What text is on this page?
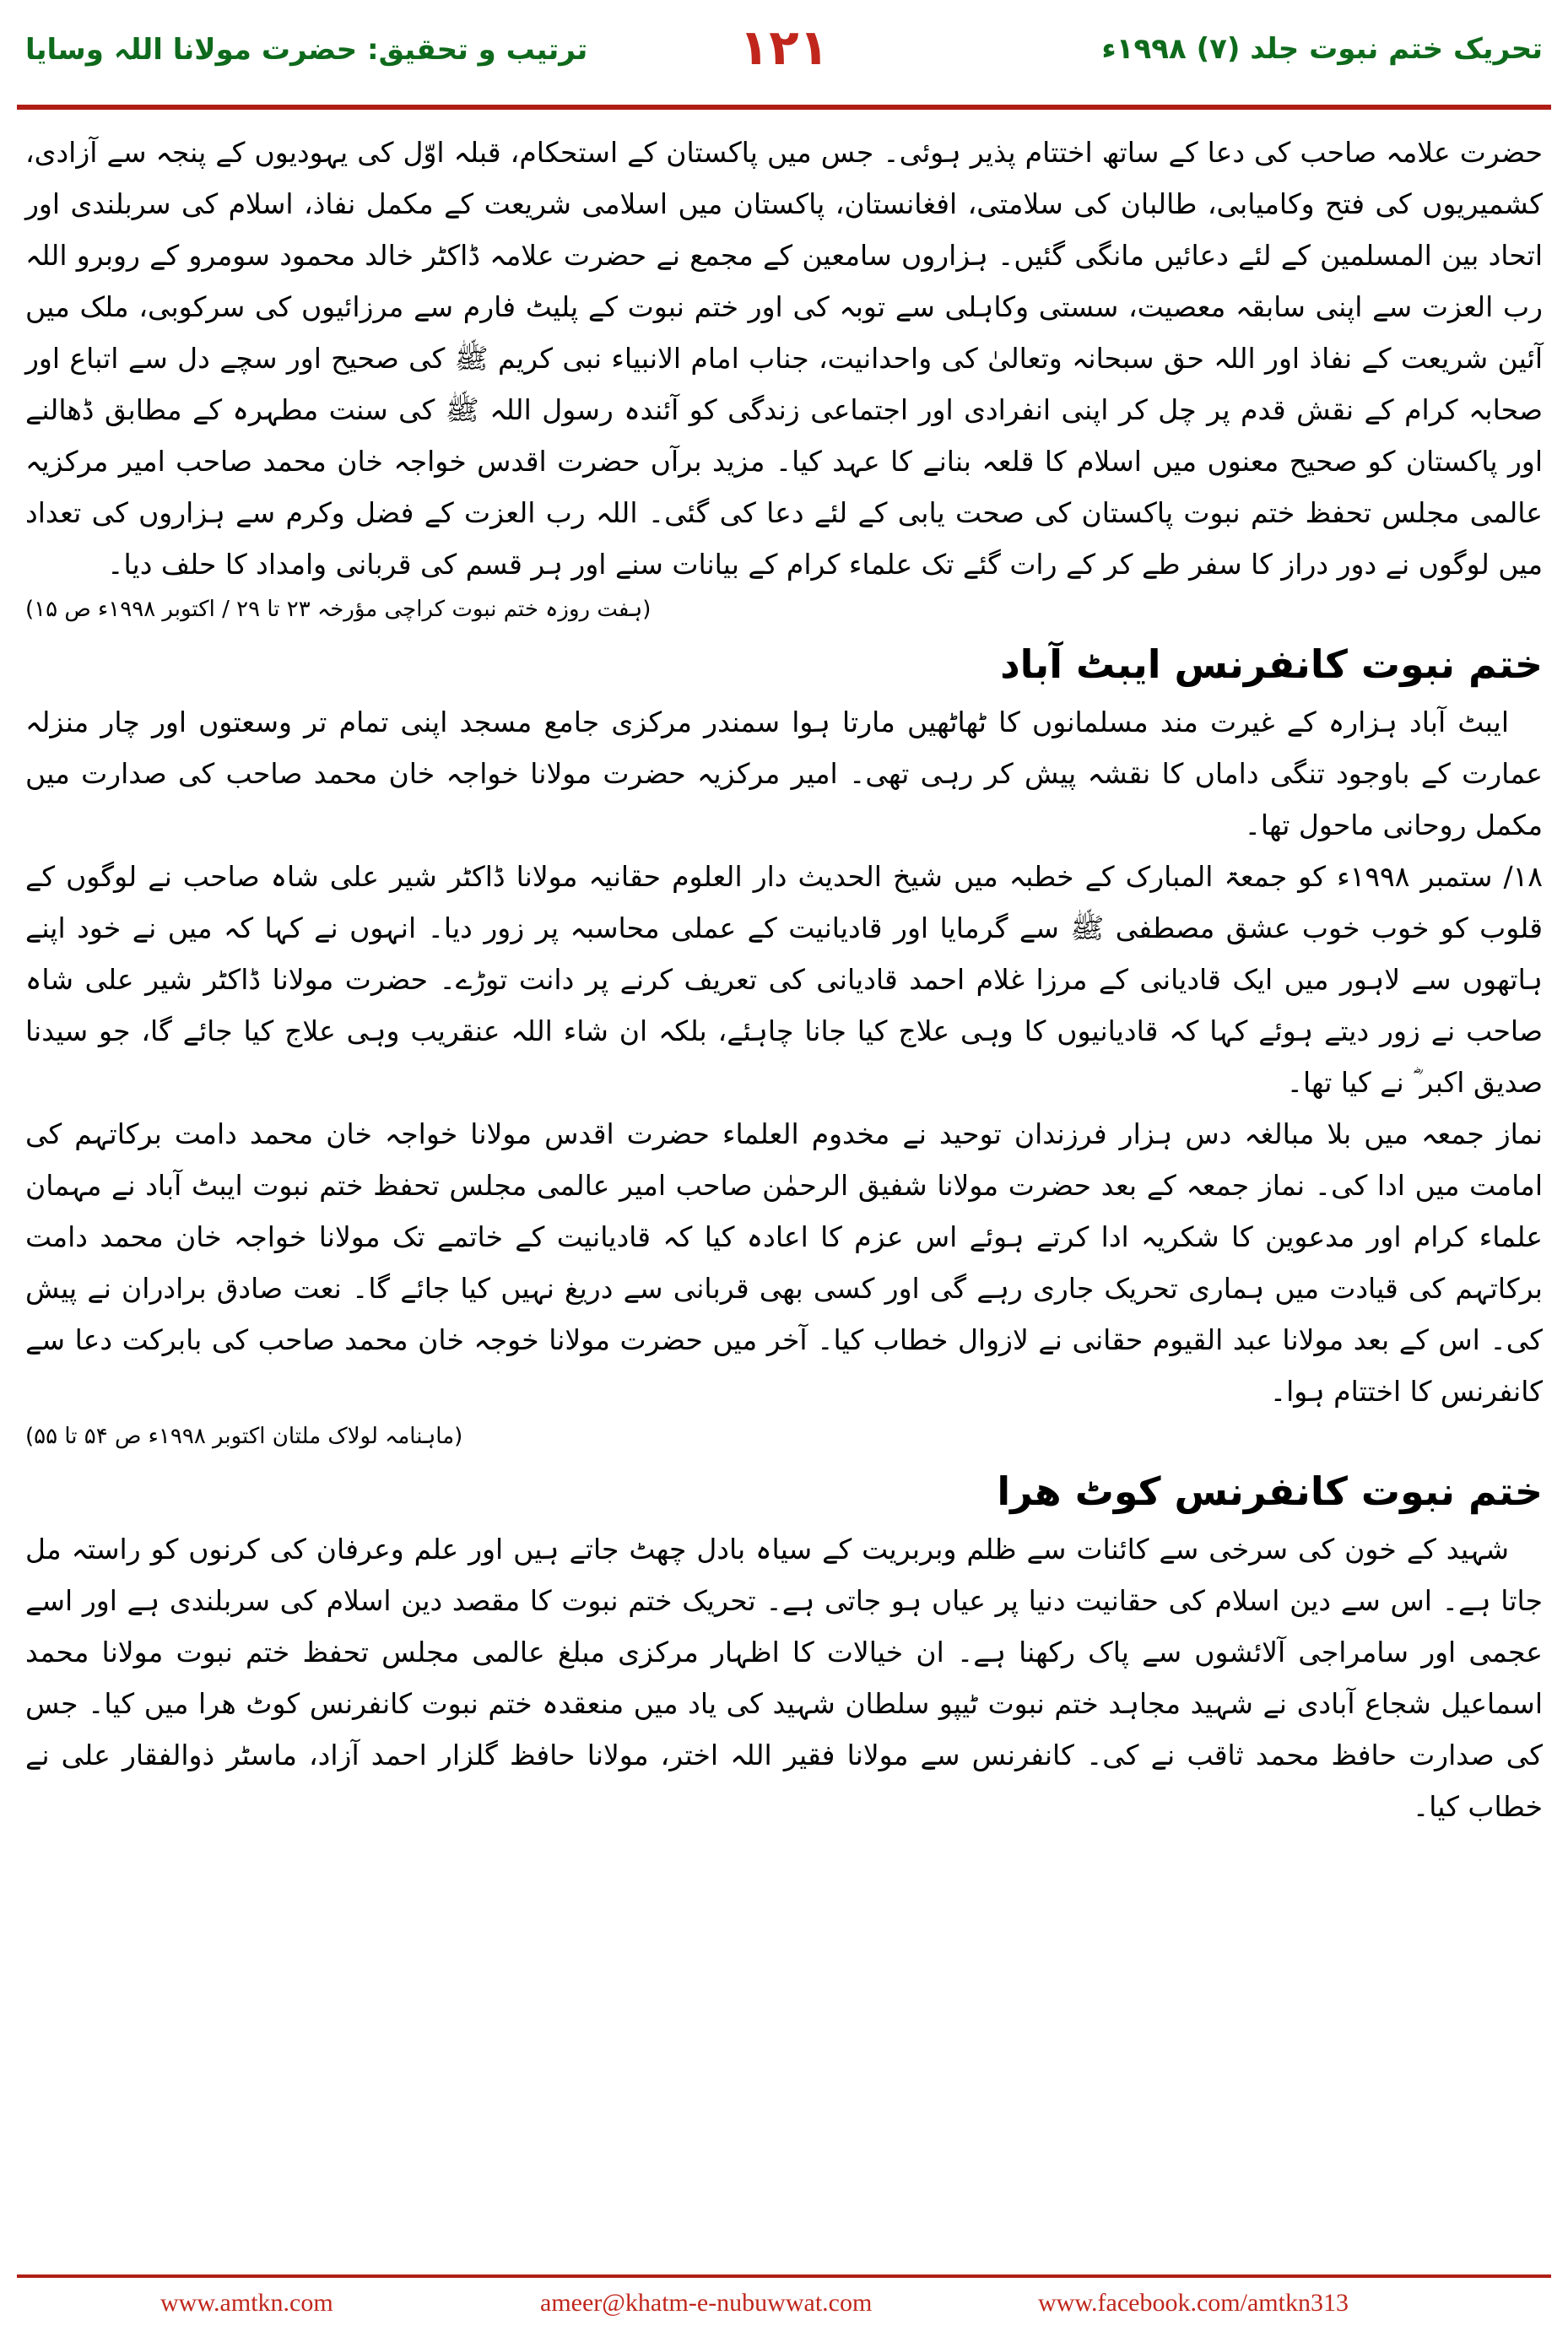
تحریک ختم نبوت جلد (۷) ۱۹۹۸ء
۱۲۱
ترتیب و تحقیق: حضرت مولانا اللہ وسایا

حضرت علامہ صاحب کی دعا کے ساتھ اختتام پذیر ہوئی۔ جس میں پاکستان کے استحکام، قبلہ اوّل کی یہودیوں کے پنجہ سے آزادی، کشمیریوں کی فتح وکامیابی، طالبان کی سلامتی، افغانستان، پاکستان میں اسلامی شریعت کے مکمل نفاذ، اسلام کی سربلندی اور اتحاد بین المسلمین کے لئے دعائیں مانگی گئیں۔ ہزاروں سامعین کے مجمع نے حضرت علامہ ڈاکٹر خالد محمود سومرو کے روبرو اللہ رب العزت سے اپنی سابقہ معصیت، سستی وکاہلی سے توبہ کی اور ختم نبوت کے پلیٹ فارم سے مرزائیوں کی سرکوبی، ملک میں آئین شریعت کے نفاذ اور اللہ حق سبحانہ وتعالیٰ کی واحدانیت، جناب امام الانبیاء نبی کریم ﷺ کی صحیح اور سچے دل سے اتباع اور صحابہ کرام کے نقش قدم پر چل کر اپنی انفرادی اور اجتماعی زندگی کو آئندہ رسول اللہ ﷺ کی سنت مطہرہ کے مطابق ڈھالنے اور پاکستان کو صحیح معنوں میں اسلام کا قلعہ بنانے کا عہد کیا۔ مزید برآں حضرت اقدس خواجہ خان محمد صاحب امیر مرکزیہ عالمی مجلس تحفظ ختم نبوت پاکستان کی صحت یابی کے لئے دعا کی گئی۔ اللہ رب العزت کے فضل وکرم سے ہزاروں کی تعداد میں لوگوں نے دور دراز کا سفر طے کر کے رات گئے تک علماء کرام کے بیانات سنے اور ہر قسم کی قربانی وامداد کا حلف دیا۔

(ہفت روزہ ختم نبوت کراچی مؤرخہ ۲۳ تا ۲۹ / اکتوبر ۱۹۹۸ء ص ۱۵)
ختم نبوت کانفرنس ایبٹ آباد

ایبٹ آباد ہزارہ کے غیرت مند مسلمانوں کا ٹھاٹھیں مارتا ہوا سمندر مرکزی جامع مسجد اپنی تمام تر وسعتوں اور چار منزلہ عمارت کے باوجود تنگی داماں کا نقشہ پیش کر رہی تھی۔ امیر مرکزیہ حضرت مولانا خواجہ خان محمد صاحب کی صدارت میں مکمل روحانی ماحول تھا۔

۱۸/ ستمبر ۱۹۹۸ء کو جمعۃ المبارک کے خطبہ میں شیخ الحدیث دار العلوم حقانیہ مولانا ڈاکٹر شیر علی شاہ صاحب نے لوگوں کے قلوب کو خوب خوب عشق مصطفی ﷺ سے گرمایا اور قادیانیت کے عملی محاسبہ پر زور دیا۔ انہوں نے کہا کہ میں نے خود اپنے ہاتھوں سے لاہور میں ایک قادیانی کے مرزا غلام احمد قادیانی کی تعریف کرنے پر دانت توڑے۔ حضرت مولانا ڈاکٹر شیر علی شاہ صاحب نے زور دیتے ہوئے کہا کہ قادیانیوں کا وہی علاج کیا جانا چاہئے، بلکہ ان شاء اللہ عنقریب وہی علاج کیا جائے گا، جو سیدنا صدیق اکبر ؓ نے کیا تھا۔

نماز جمعہ میں بلا مبالغہ دس ہزار فرزندان توحید نے مخدوم العلماء حضرت اقدس مولانا خواجہ خان محمد دامت برکاتہم کی امامت میں ادا کی۔ نماز جمعہ کے بعد حضرت مولانا شفیق الرحمٰن صاحب امیر عالمی مجلس تحفظ ختم نبوت ایبٹ آباد نے مہمان علماء کرام اور مدعوین کا شکریہ ادا کرتے ہوئے اس عزم کا اعادہ کیا کہ قادیانیت کے خاتمے تک مولانا خواجہ خان محمد دامت برکاتہم کی قیادت میں ہماری تحریک جاری رہے گی اور کسی بھی قربانی سے دریغ نہیں کیا جائے گا۔ نعت صادق برادران نے پیش کی۔ اس کے بعد مولانا عبد القیوم حقانی نے لازوال خطاب کیا۔ آخر میں حضرت مولانا خوجہ خان محمد صاحب کی بابرکت دعا سے کانفرنس کا اختتام ہوا۔

(ماہنامہ لولاک ملتان اکتوبر ۱۹۹۸ء ص ۵۴ تا ۵۵)
ختم نبوت کانفرنس کوٹ ھرا

شہید کے خون کی سرخی سے کائنات سے ظلم وبربریت کے سیاہ بادل چھٹ جاتے ہیں اور علم وعرفان کی کرنوں کو راستہ مل جاتا ہے۔ اس سے دین اسلام کی حقانیت دنیا پر عیاں ہو جاتی ہے۔ تحریک ختم نبوت کا مقصد دین اسلام کی سربلندی ہے اور اسے عجمی اور سامراجی آلائشوں سے پاک رکھنا ہے۔ ان خیالات کا اظہار مرکزی مبلغ عالمی مجلس تحفظ ختم نبوت مولانا محمد اسماعیل شجاع آبادی نے شہید مجاہد ختم نبوت ٹیپو سلطان شہید کی یاد میں منعقدہ ختم نبوت کانفرنس کوٹ ھرا میں کیا۔ جس کی صدارت حافظ محمد ثاقب نے کی۔ کانفرنس سے مولانا فقیر اللہ اختر، مولانا حافظ گلزار احمد آزاد، ماسٹر ذوالفقار علی نے خطاب کیا۔

www.amtkn.com	ameer@khatm-e-nubuwwat.com	www.facebook.com/amtkn313
